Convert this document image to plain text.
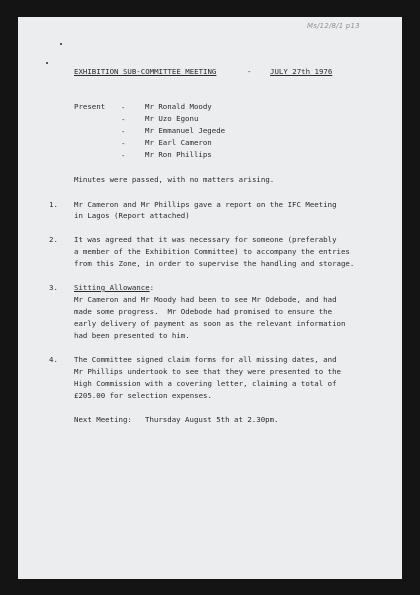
Ms/12/8/1 p13
EXHIBITION SUB-COMMITTEE MEETING	-	JULY 27th 1976
Present -
-
-
-
-
Mr Ronald Moody
Mr Uzo Egonu
Mr Emmanuel Jegede
Mr Earl Cameron
Mr Ron Phillips
Minutes were passed, with no matters arising.
1. Mr Cameron and Mr Phillips gave a report on the IFC Meeting
in Lagos (Report attached)
2. It was agreed that it was necessary for someone (preferably
a member of the Exhibition Committee) to accompany the entries
from this Zone, in order to supervise the handling and storage.
3. Sitting Allowance:
Mr Cameron and Mr Moody had been to see Mr Odebode, and had
made some progress.  Mr Odebode had promised to ensure the
early delivery of payment as soon as the relevant information
had been presented to him.
4. The Committee signed claim forms for all missing dates, and
Mr Phillips undertook to see that they were presented to the
High Commission with a covering letter, claiming a total of
£205.00 for selection expenses.
Next Meeting: Thursday August 5th at 2.30pm.
